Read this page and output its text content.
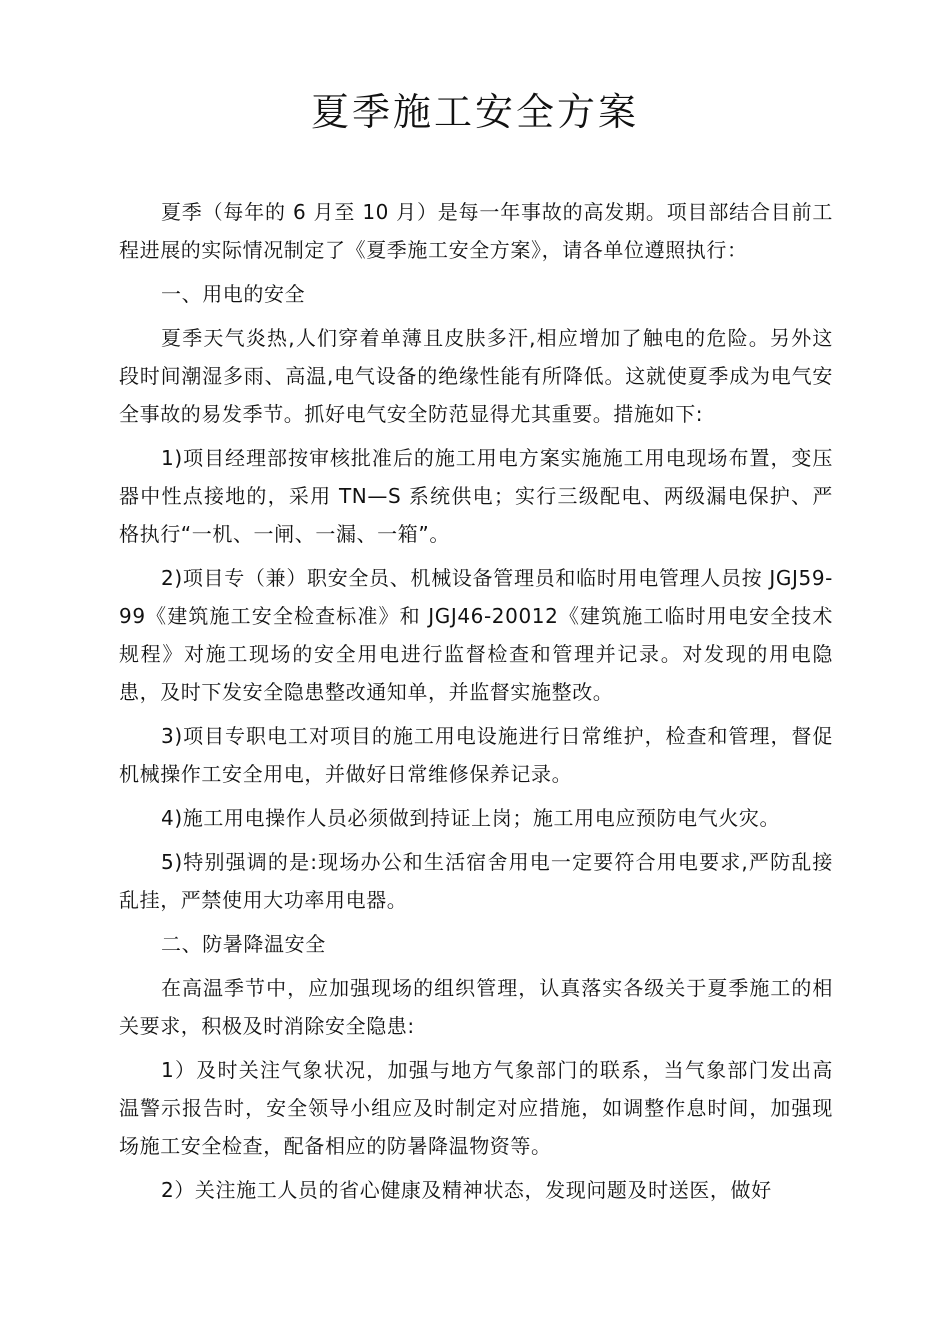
夏季施工安全方案

夏季（每年的 6 月至 10 月）是每一年事故的高发期。项目部结合目前工程进展的实际情况制定了《夏季施工安全方案》，请各单位遵照执行：

一、用电的安全

夏季天气炎热,人们穿着单薄且皮肤多汗,相应增加了触电的危险。另外这段时间潮湿多雨、高温,电气设备的绝缘性能有所降低。这就使夏季成为电气安全事故的易发季节。抓好电气安全防范显得尤其重要。措施如下:

1)项目经理部按审核批准后的施工用电方案实施施工用电现场布置，变压器中性点接地的，采用 TN—S 系统供电；实行三级配电、两级漏电保护、严格执行“一机、一闸、一漏、一箱”。

2)项目专（兼）职安全员、机械设备管理员和临时用电管理人员按 JGJ59-99《建筑施工安全检查标准》和 JGJ46-20012《建筑施工临时用电安全技术规程》对施工现场的安全用电进行监督检查和管理并记录。对发现的用电隐患，及时下发安全隐患整改通知单，并监督实施整改。

3)项目专职电工对项目的施工用电设施进行日常维护，检查和管理，督促机械操作工安全用电，并做好日常维修保养记录。

4)施工用电操作人员必须做到持证上岗；施工用电应预防电气火灾。

5)特别强调的是:现场办公和生活宿舍用电一定要符合用电要求,严防乱接乱挂，严禁使用大功率用电器。

二、防暑降温安全

在高温季节中，应加强现场的组织管理，认真落实各级关于夏季施工的相关要求，积极及时消除安全隐患:

1）及时关注气象状况，加强与地方气象部门的联系，当气象部门发出高温警示报告时，安全领导小组应及时制定对应措施，如调整作息时间，加强现场施工安全检查，配备相应的防暑降温物资等。

2）关注施工人员的省心健康及精神状态，发现问题及时送医，做好
